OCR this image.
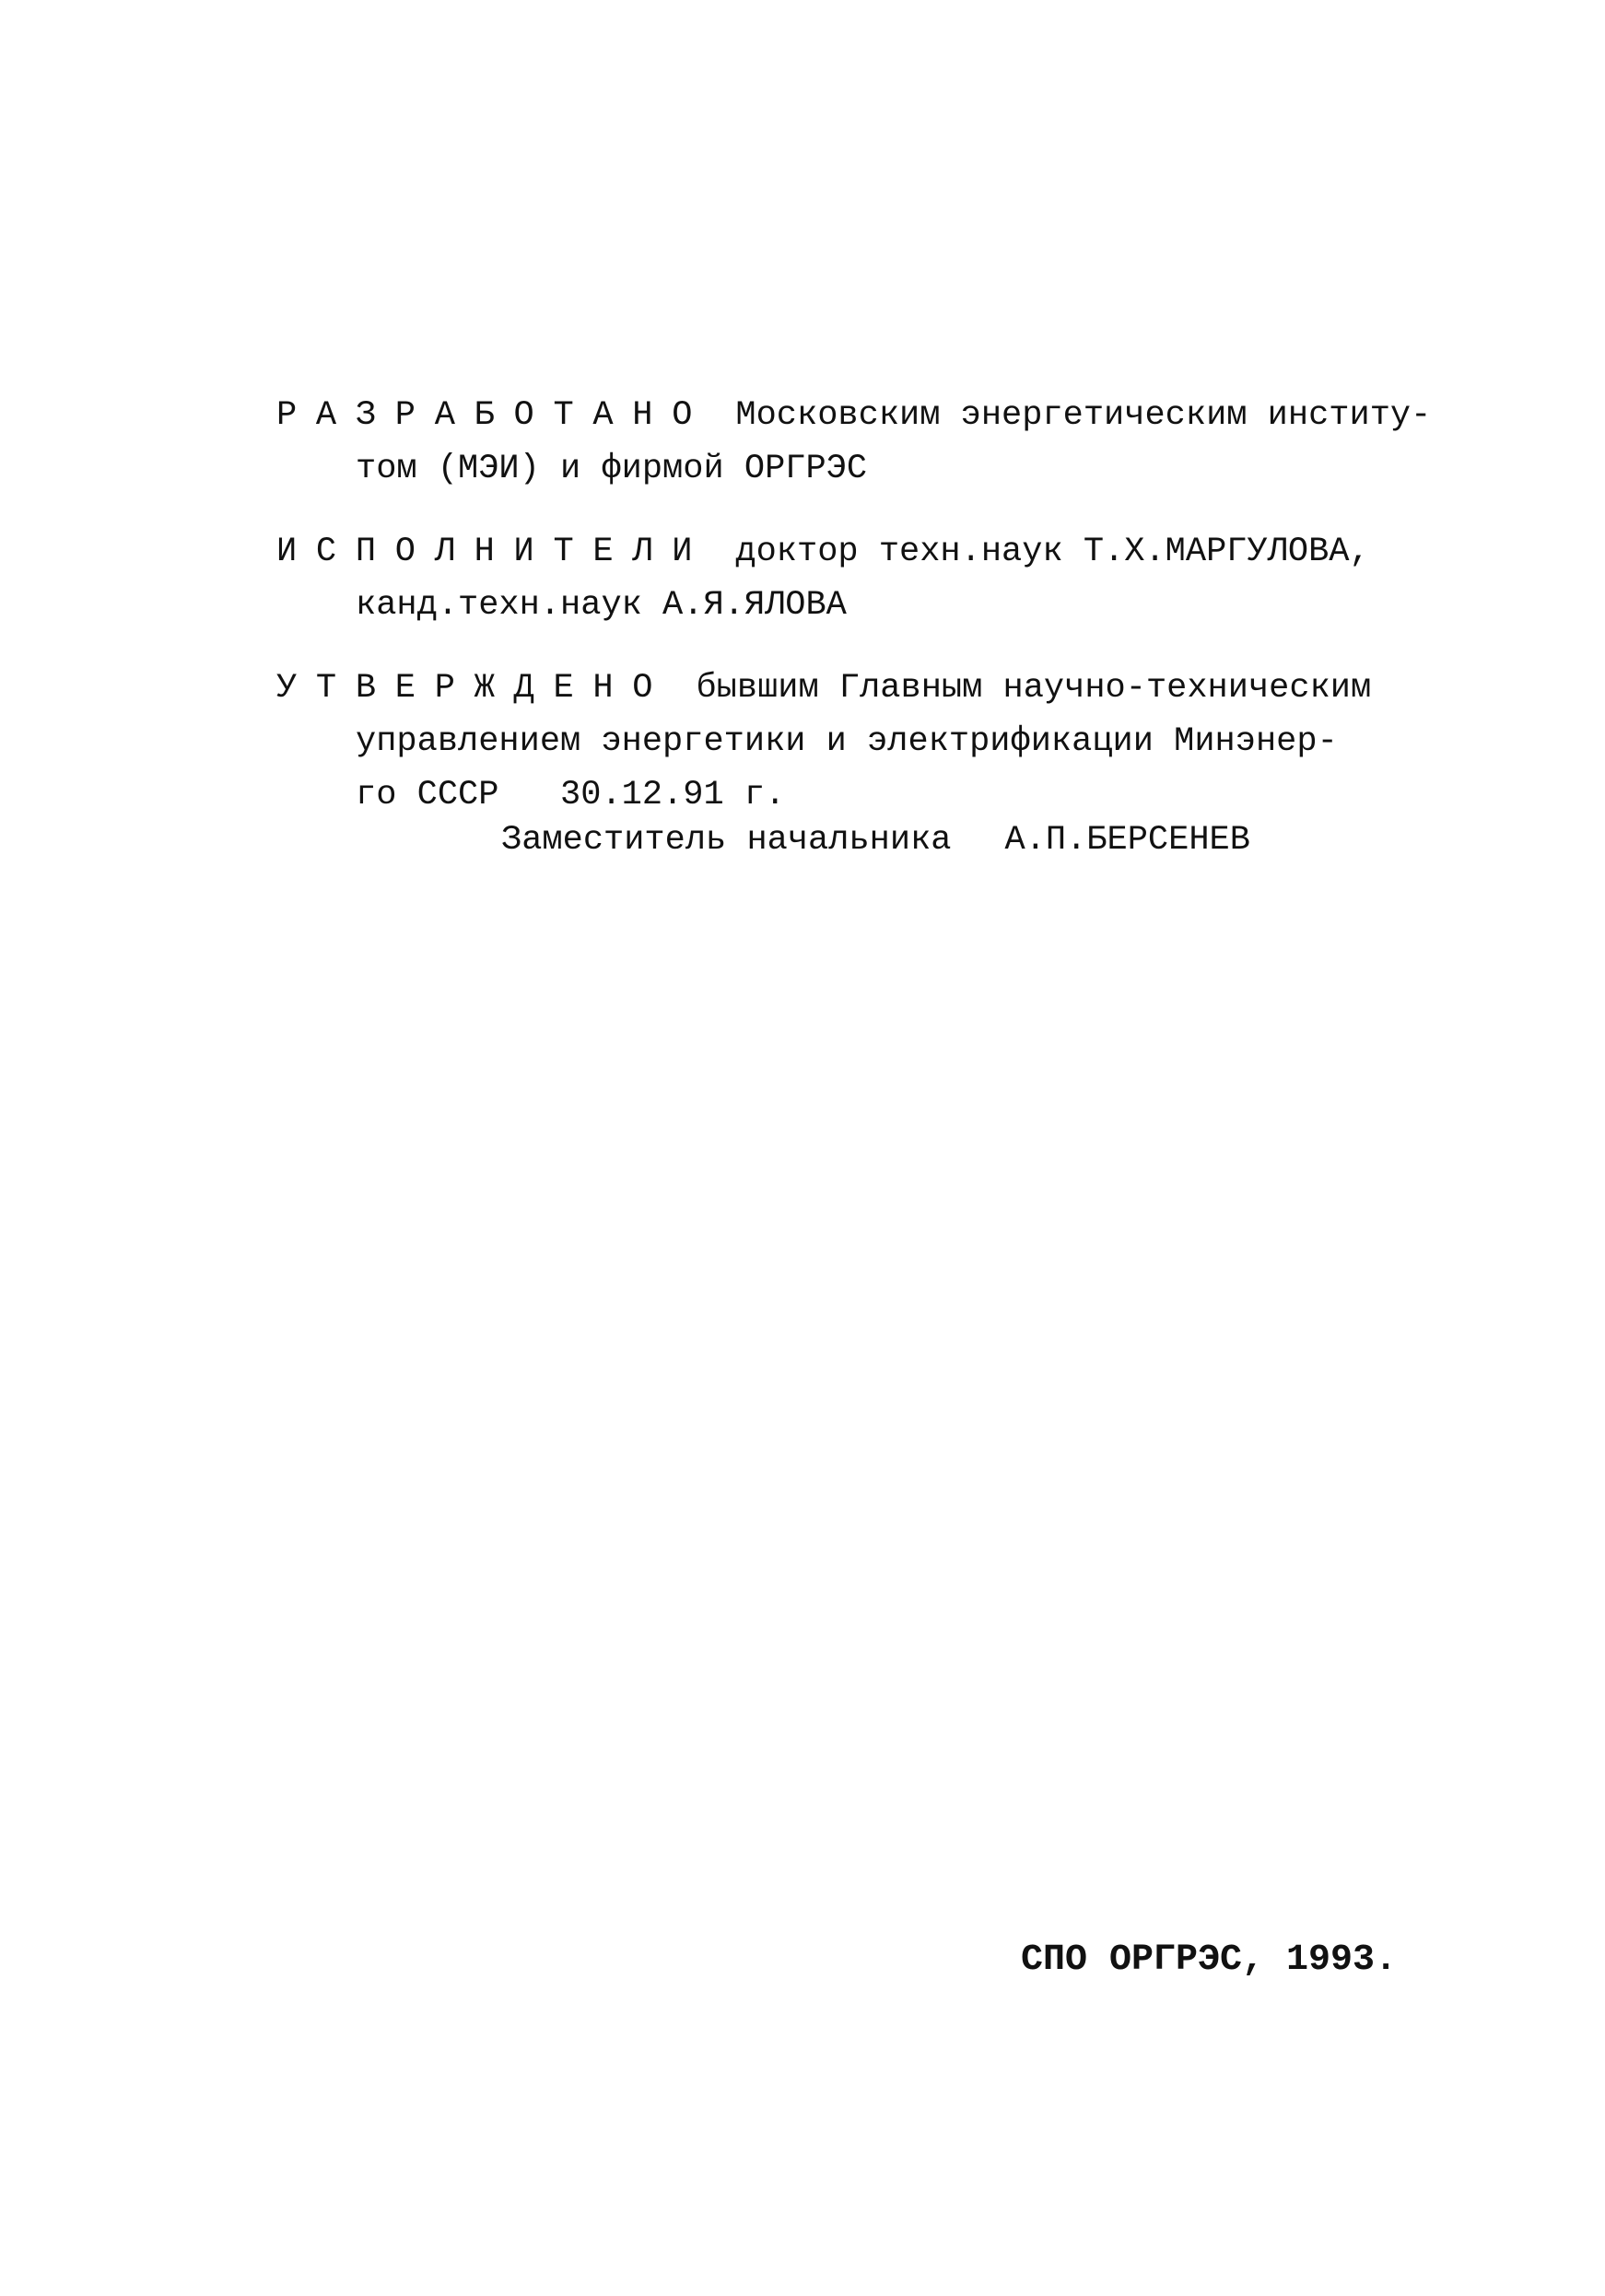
РАЗРАБОТАНО Московским энергетическим институ-
том (МЭИ) и фирмой ОРГРЭС
ИСПОЛНИТЕЛИ доктор техн.наук Т.Х.МАРГУЛОВА,
канд.техн.наук А.Я.ЯЛОВА
УТВЕРЖДЕНО бывшим Главным научно-техническим
управлением энергетики и электрификации Минэнер-
го СССР   30.12.91 г.
Заместитель начальника А.П.БЕРСЕНЕВ
СПО ОРГРЭС, 1993.
